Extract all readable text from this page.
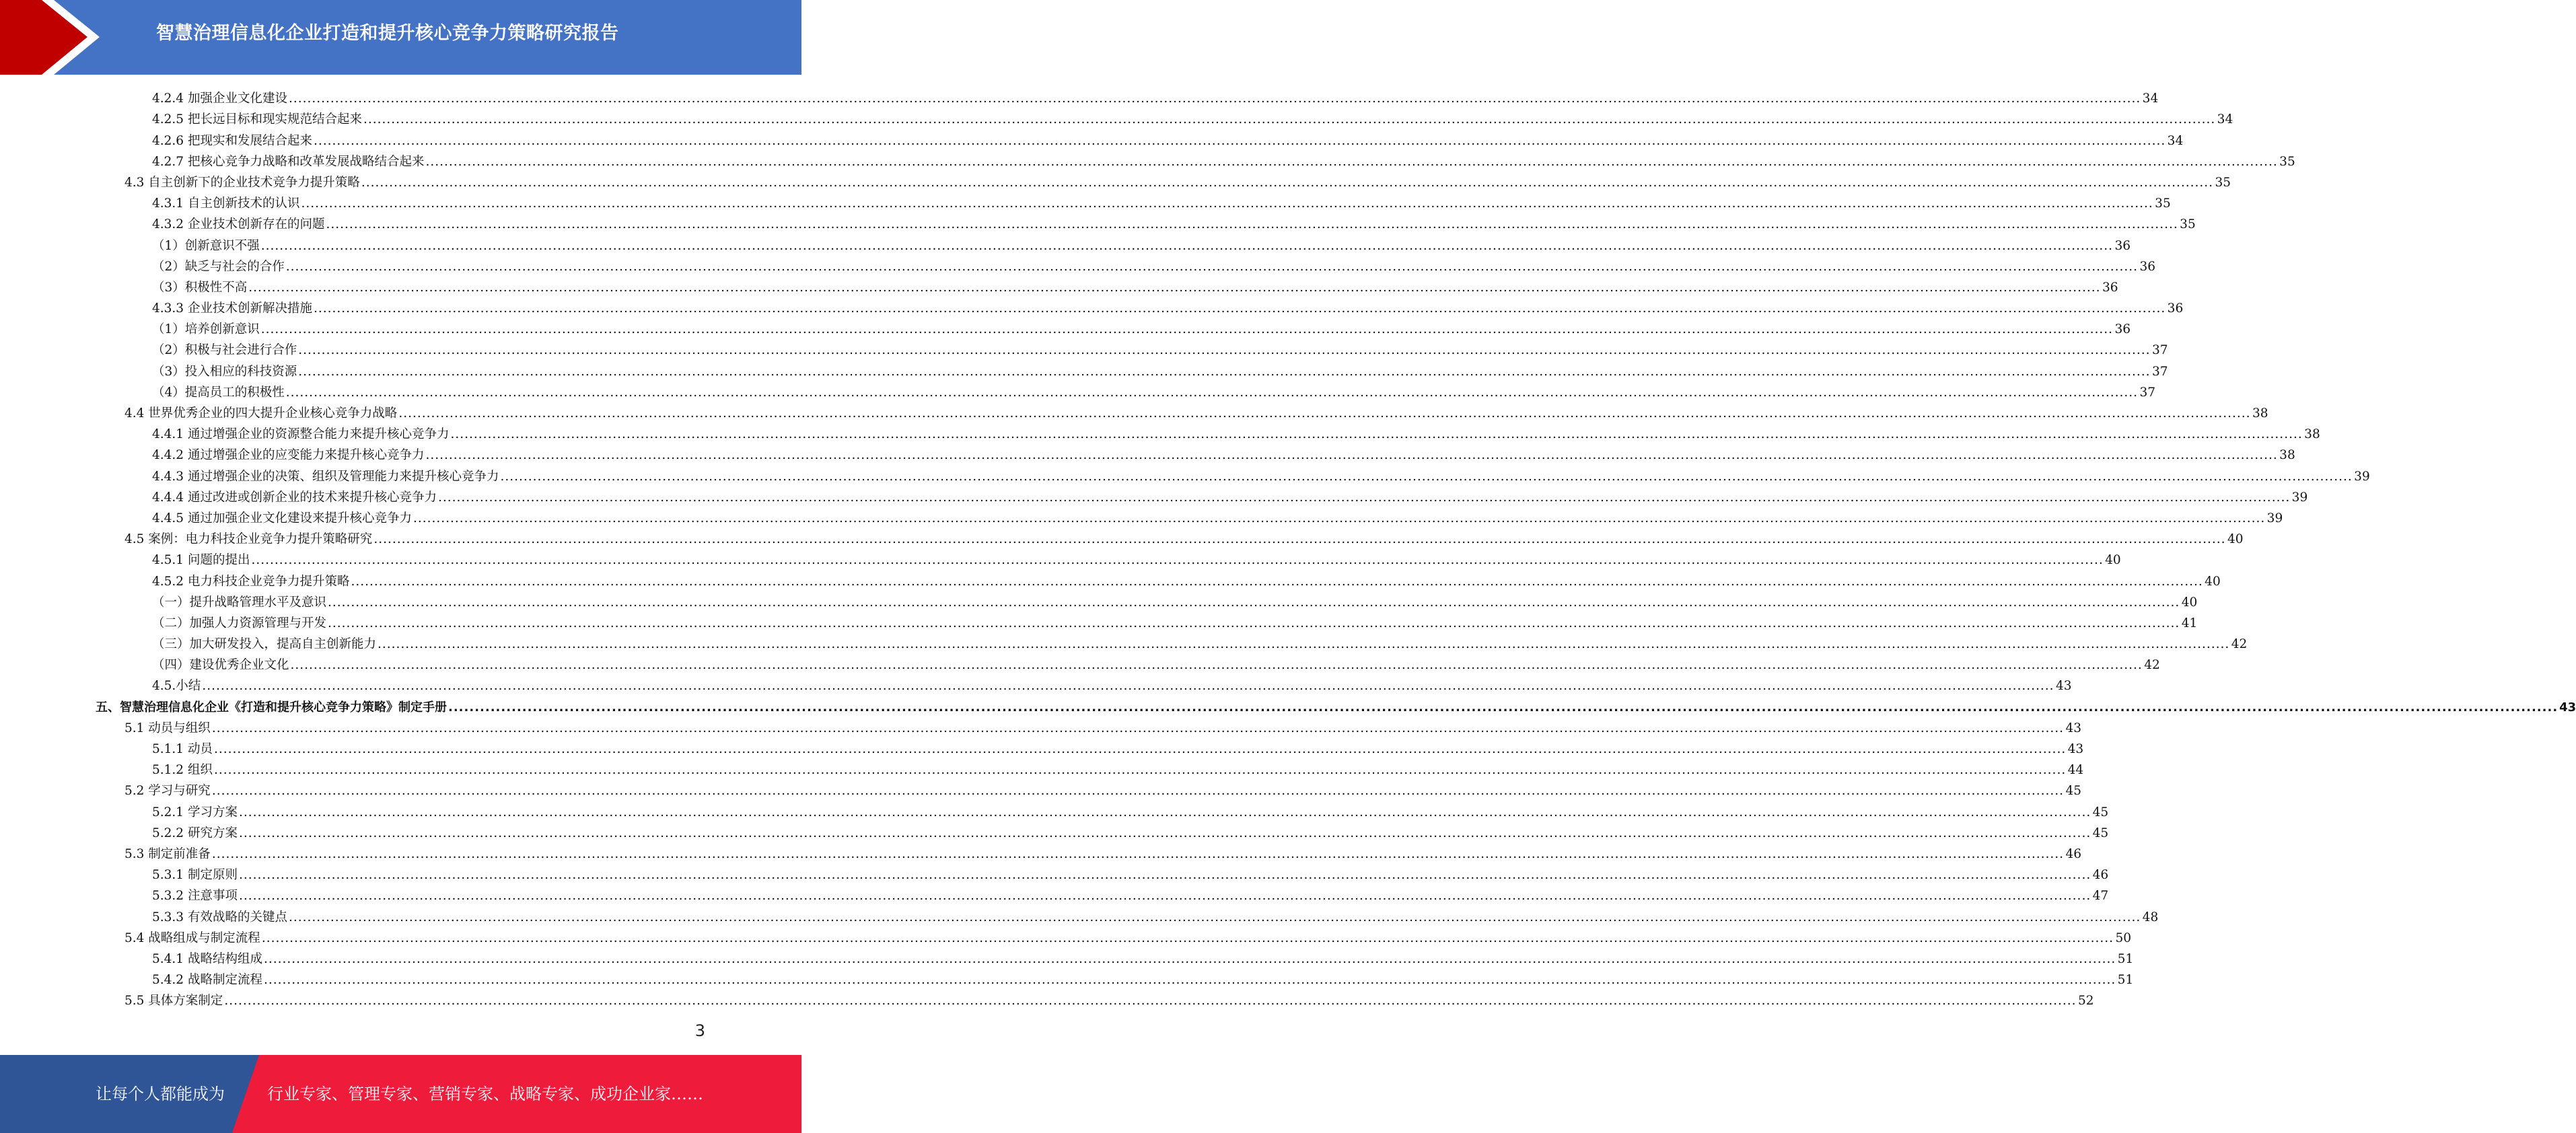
智慧治理信息化企业打造和提升核心竞争力策略研究报告
4.2.4 加强企业文化建设 ................................................................................................................................................................................................................................................................................................................................................................................................................ 34
4.2.5 把长远目标和现实规范结合起来 ................................................................................................................................................................................................................................................................................................................................................................................................................ 34
4.2.6 把现实和发展结合起来 ................................................................................................................................................................................................................................................................................................................................................................................................................ 34
4.2.7 把核心竞争力战略和改革发展战略结合起来 ................................................................................................................................................................................................................................................................................................................................................................................................................ 35
4.3 自主创新下的企业技术竞争力提升策略 ................................................................................................................................................................................................................................................................................................................................................................................................................ 35
4.3.1 自主创新技术的认识 ................................................................................................................................................................................................................................................................................................................................................................................................................ 35
4.3.2 企业技术创新存在的问题 ................................................................................................................................................................................................................................................................................................................................................................................................................ 35
（1）创新意识不强 ................................................................................................................................................................................................................................................................................................................................................................................................................ 36
（2）缺乏与社会的合作 ................................................................................................................................................................................................................................................................................................................................................................................................................ 36
（3）积极性不高 ................................................................................................................................................................................................................................................................................................................................................................................................................ 36
4.3.3 企业技术创新解决措施 ................................................................................................................................................................................................................................................................................................................................................................................................................ 36
（1）培养创新意识 ................................................................................................................................................................................................................................................................................................................................................................................................................ 36
（2）积极与社会进行合作 ................................................................................................................................................................................................................................................................................................................................................................................................................ 37
（3）投入相应的科技资源 ................................................................................................................................................................................................................................................................................................................................................................................................................ 37
（4）提高员工的积极性 ................................................................................................................................................................................................................................................................................................................................................................................................................ 37
4.4 世界优秀企业的四大提升企业核心竞争力战略 ................................................................................................................................................................................................................................................................................................................................................................................................................ 38
4.4.1 通过增强企业的资源整合能力来提升核心竞争力 ................................................................................................................................................................................................................................................................................................................................................................................................................ 38
4.4.2 通过增强企业的应变能力来提升核心竞争力 ................................................................................................................................................................................................................................................................................................................................................................................................................ 38
4.4.3 通过增强企业的决策、组织及管理能力来提升核心竞争力 ................................................................................................................................................................................................................................................................................................................................................................................................................ 39
4.4.4 通过改进或创新企业的技术来提升核心竞争力 ................................................................................................................................................................................................................................................................................................................................................................................................................ 39
4.4.5 通过加强企业文化建设来提升核心竞争力 ................................................................................................................................................................................................................................................................................................................................................................................................................ 39
4.5 案例：电力科技企业竞争力提升策略研究 ................................................................................................................................................................................................................................................................................................................................................................................................................ 40
4.5.1 问题的提出 ................................................................................................................................................................................................................................................................................................................................................................................................................ 40
4.5.2 电力科技企业竞争力提升策略 ................................................................................................................................................................................................................................................................................................................................................................................................................ 40
（一）提升战略管理水平及意识 ................................................................................................................................................................................................................................................................................................................................................................................................................ 40
（二）加强人力资源管理与开发 ................................................................................................................................................................................................................................................................................................................................................................................................................ 41
（三）加大研发投入，提高自主创新能力 ................................................................................................................................................................................................................................................................................................................................................................................................................ 42
（四）建设优秀企业文化 ................................................................................................................................................................................................................................................................................................................................................................................................................ 42
4.5.小结 ................................................................................................................................................................................................................................................................................................................................................................................................................ 43
五、智慧治理信息化企业《打造和提升核心竞争力策略》制定手册 ................................................................................................................................................................................................................................................................................................................................................................................................................ 43
5.1 动员与组织 ................................................................................................................................................................................................................................................................................................................................................................................................................ 43
5.1.1 动员 ................................................................................................................................................................................................................................................................................................................................................................................................................ 43
5.1.2 组织 ................................................................................................................................................................................................................................................................................................................................................................................................................ 44
5.2 学习与研究 ................................................................................................................................................................................................................................................................................................................................................................................................................ 45
5.2.1 学习方案 ................................................................................................................................................................................................................................................................................................................................................................................................................ 45
5.2.2 研究方案 ................................................................................................................................................................................................................................................................................................................................................................................................................ 45
5.3 制定前准备 ................................................................................................................................................................................................................................................................................................................................................................................................................ 46
5.3.1 制定原则 ................................................................................................................................................................................................................................................................................................................................................................................................................ 46
5.3.2 注意事项 ................................................................................................................................................................................................................................................................................................................................................................................................................ 47
5.3.3 有效战略的关键点 ................................................................................................................................................................................................................................................................................................................................................................................................................ 48
5.4 战略组成与制定流程 ................................................................................................................................................................................................................................................................................................................................................................................................................ 50
5.4.1 战略结构组成 ................................................................................................................................................................................................................................................................................................................................................................................................................ 51
5.4.2 战略制定流程 ................................................................................................................................................................................................................................................................................................................................................................................................................ 51
5.5 具体方案制定 ................................................................................................................................................................................................................................................................................................................................................................................................................ 52
3
让每个人都能成为	行业专家、管理专家、营销专家、战略专家、成功企业家……
